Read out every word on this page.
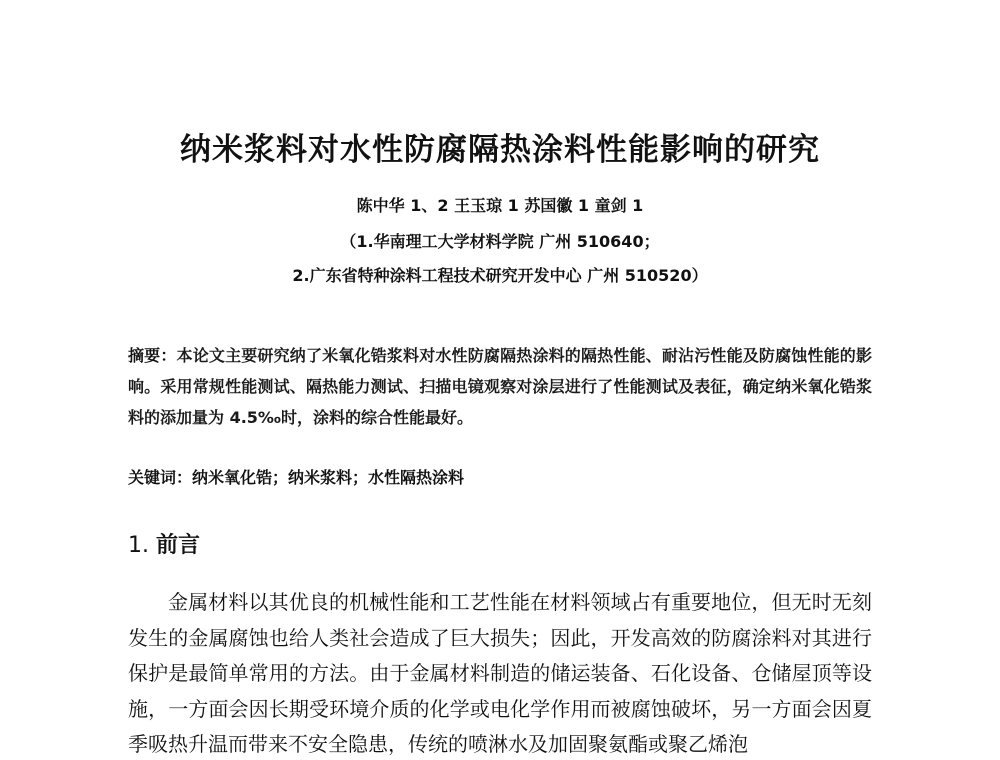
纳米浆料对水性防腐隔热涂料性能影响的研究
陈中华 1、2 王玉琼 1 苏国徽 1 童剑 1
（1.华南理工大学材料学院 广州 510640；
2.广东省特种涂料工程技术研究开发中心 广州 510520）
摘要：本论文主要研究纳了米氧化锆浆料对水性防腐隔热涂料的隔热性能、耐沾污性能及防腐蚀性能的影响。采用常规性能测试、隔热能力测试、扫描电镜观察对涂层进行了性能测试及表征，确定纳米氧化锆浆料的添加量为 4.5‰时，涂料的综合性能最好。
关键词：纳米氧化锆；纳米浆料；水性隔热涂料
1. 前言
金属材料以其优良的机械性能和工艺性能在材料领域占有重要地位，但无时无刻发生的金属腐蚀也给人类社会造成了巨大损失；因此，开发高效的防腐涂料对其进行保护是最简单常用的方法。由于金属材料制造的储运装备、石化设备、仓储屋顶等设施，一方面会因长期受环境介质的化学或电化学作用而被腐蚀破坏，另一方面会因夏季吸热升温而带来不安全隐患，传统的喷淋水及加固聚氨酯或聚乙烯泡
